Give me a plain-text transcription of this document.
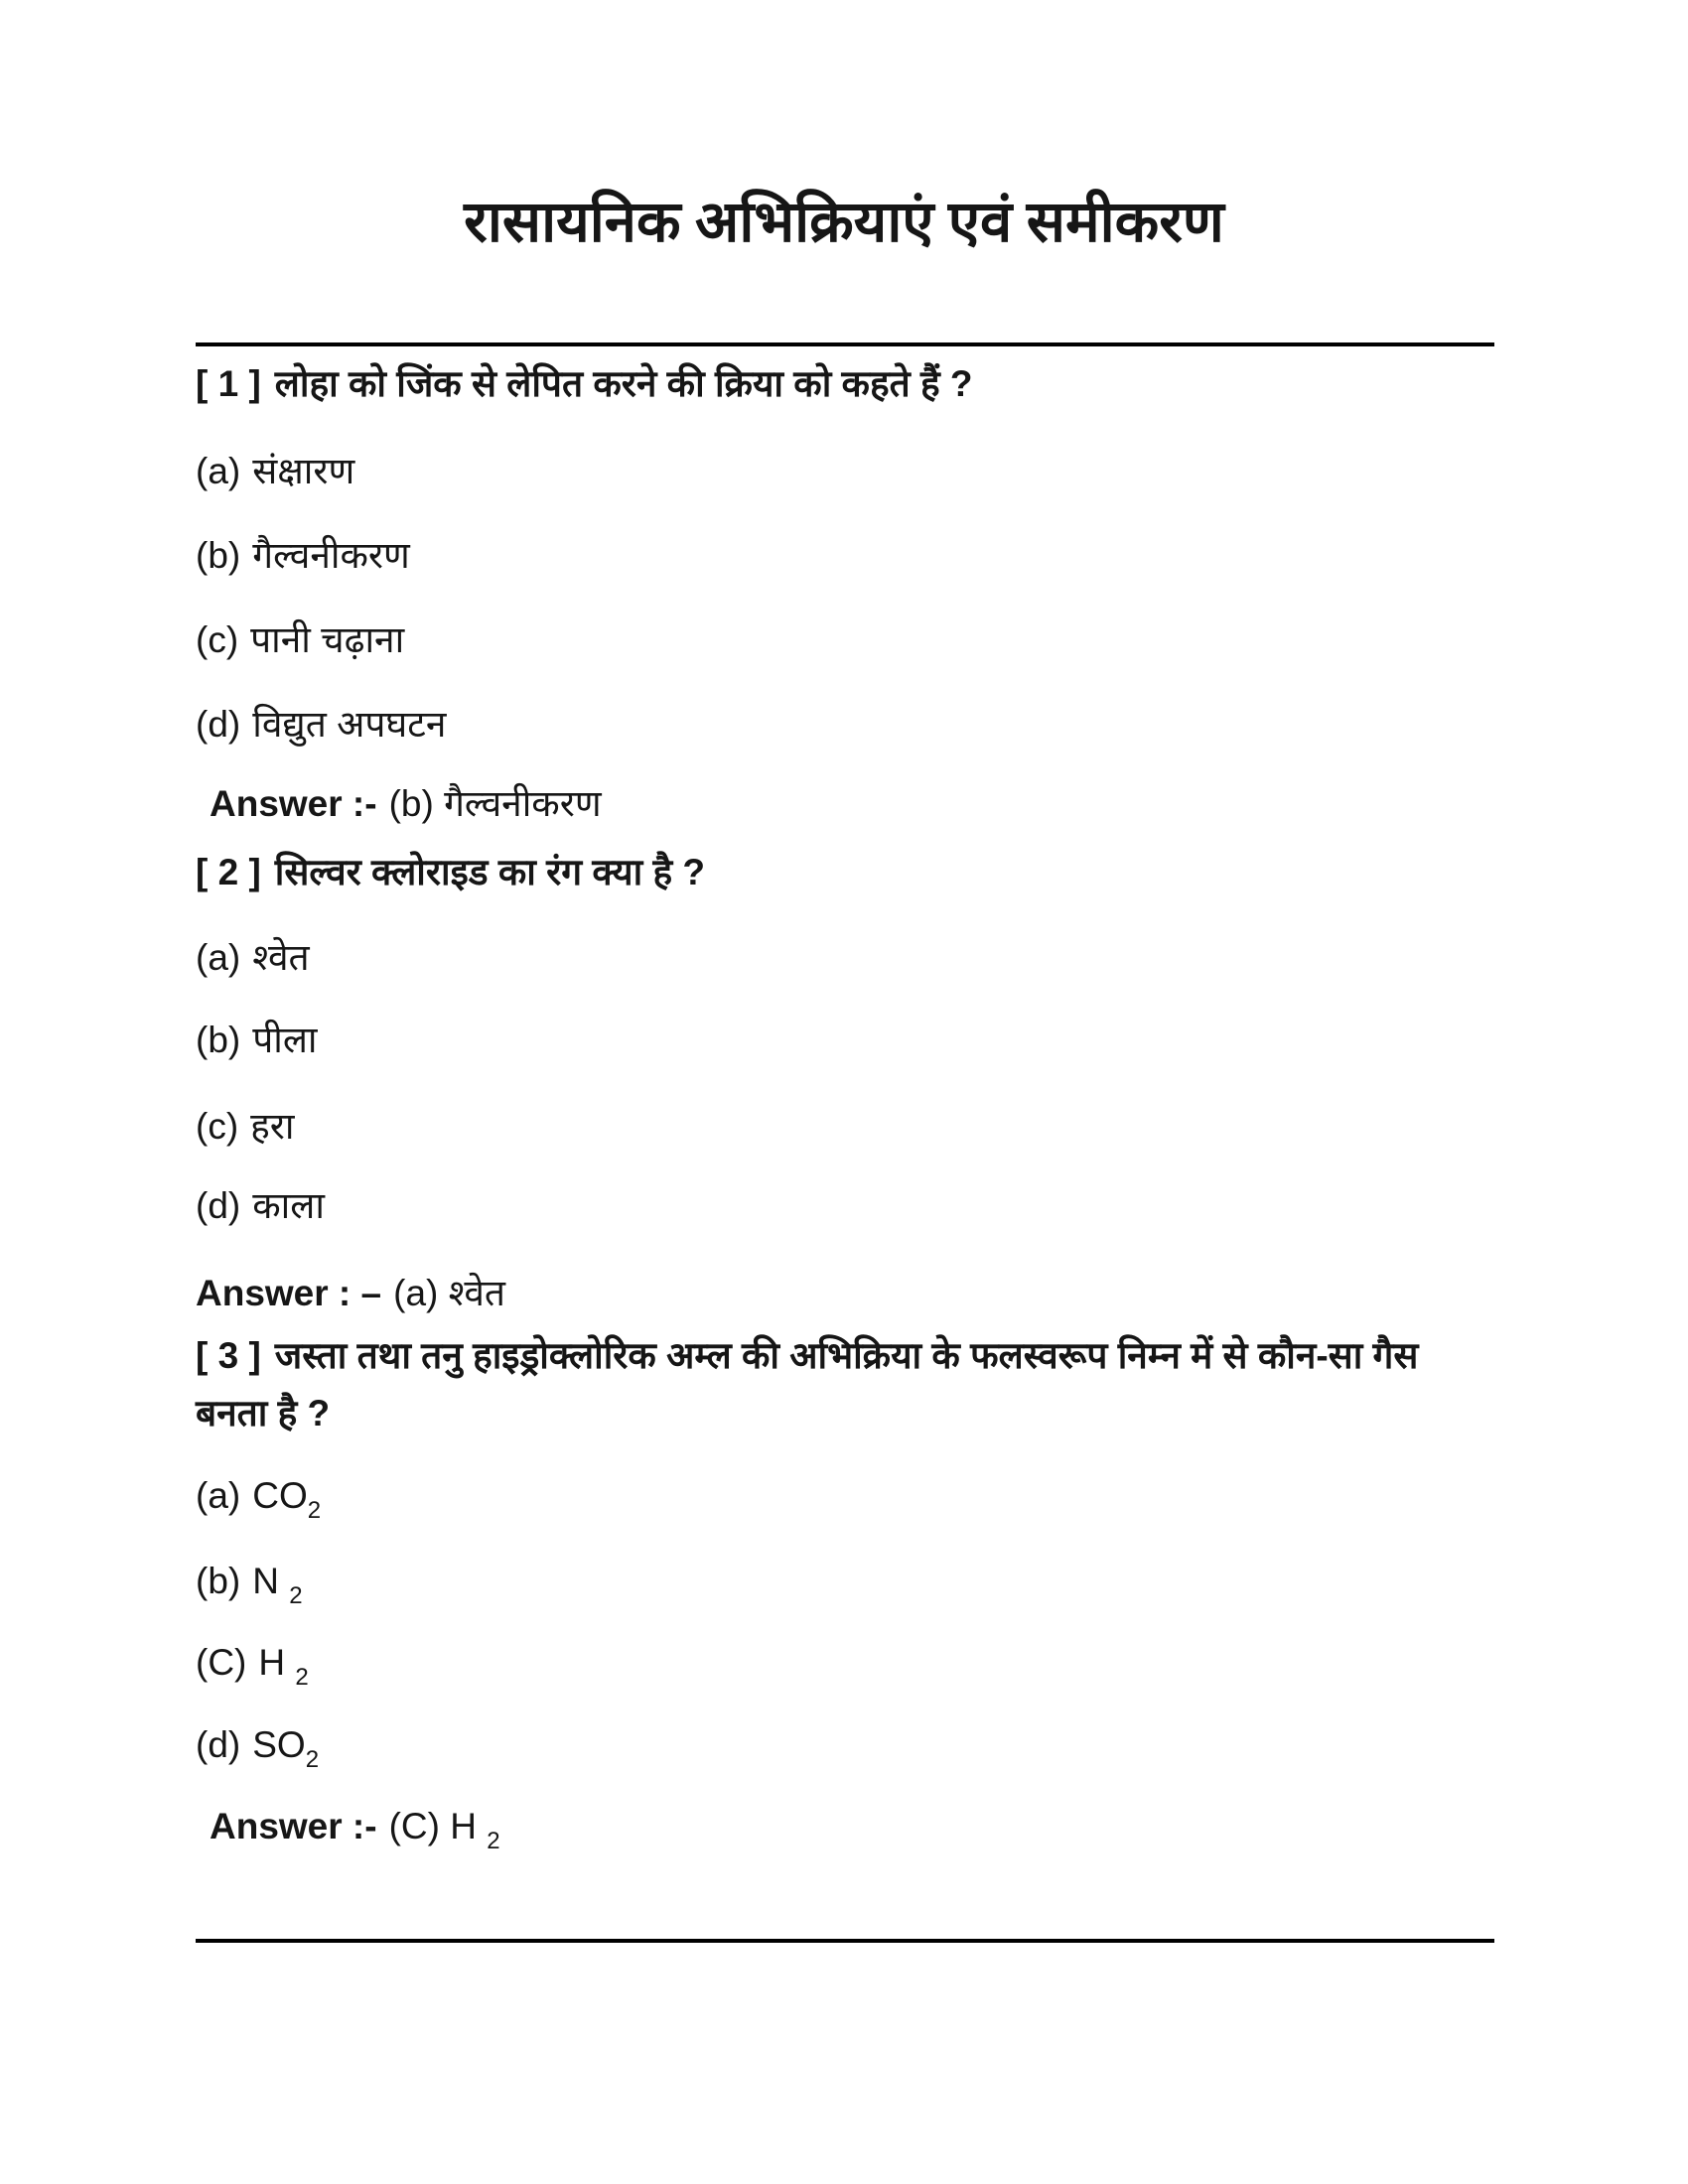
रासायनिक अभिक्रियाएं एवं समीकरण
[ 1 ] लोहा को जिंक से लेपित करने की क्रिया को कहते हैं ?
(a) संक्षारण
(b) गैल्वनीकरण
(c) पानी चढ़ाना
(d) विद्युत अपघटन
Answer :- (b) गैल्वनीकरण
[ 2 ] सिल्वर क्लोराइड का रंग क्या है ?
(a) श्वेत
(b) पीला
(c) हरा
(d) काला
Answer : – (a) श्वेत
[ 3 ] जस्ता तथा तनु हाइड्रोक्लोरिक अम्ल की अभिक्रिया के फलस्वरूप निम्न में से कौन-सा गैस बनता है ?
(a) $CO_2$
(b) N $_2$
(C) H $_2$
(d) $SO_2$
Answer :- (C) H $_2$
